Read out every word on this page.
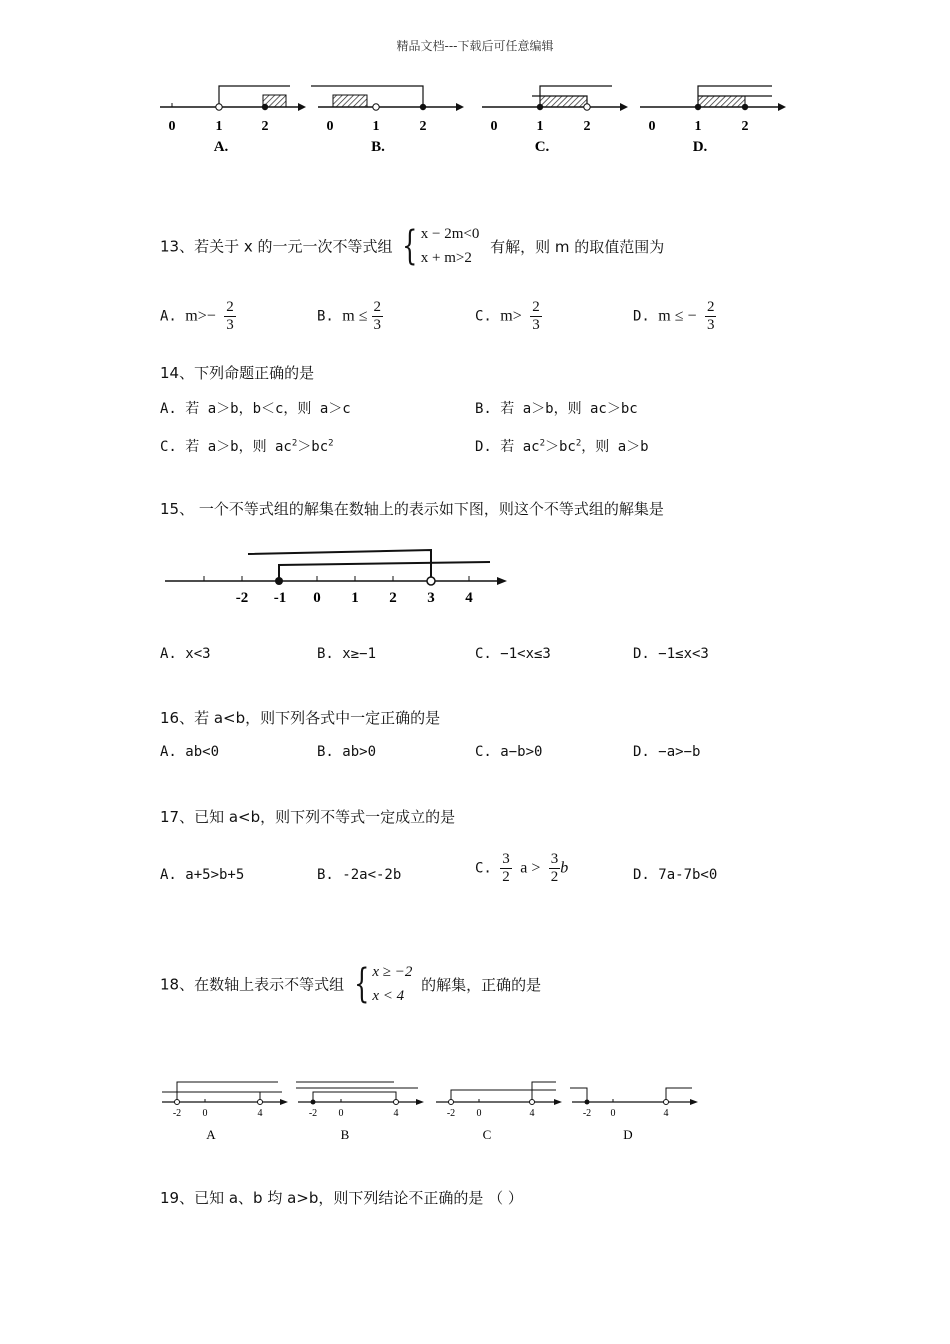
精品文档---下载后可任意编辑
0	1	2
A.
0	1	2
B.
0	1	2
C.
0	1	2
D.
13、若关于 x 的一元一次不等式组 { x − 2m<0
x + m>2
有解，则 m 的取值范围为
A. $m>- \frac{2}{3}$	B. $m \le \frac{2}{3}$	C. $m> \frac{2}{3}$	D. m ≤ − $\frac{2}{3}$
14、下列命题正确的是
A. 若 a＞b，b＜c，则 a＞c	B. 若 a＞b，则 ac＞bc
C. 若 a＞b，则 $ac^2>bc^2$	D. 若 $ac^2>bc^2$，则 a＞b
15、 一个不等式组的解集在数轴上的表示如下图，则这个不等式组的解集是
-2 -1 0 1 2 3 4
A. x<3	B. x≥−1	C. −1<x≤3	D. −1≤x<3
16、若 a<b，则下列各式中一定正确的是
A. ab<0	B. ab>0	C. a−b>0	D. −a>−b
17、已知 a<b，则下列不等式一定成立的是
A. a+5>b+5	B. -2a<-2b	C. $\frac{3}{2}$ $a > \frac{3}{2}$ b	D. 7a-7b<0
18、在数轴上表示不等式组 { x ≥ −2
x < 4
的解集，正确的是
-2 0	4
A
-2 0	4
B
-2 0	4
C
-2 0	4
D
19、已知 a、b 均 a>b，则下列结论不正确的是 （ ）
